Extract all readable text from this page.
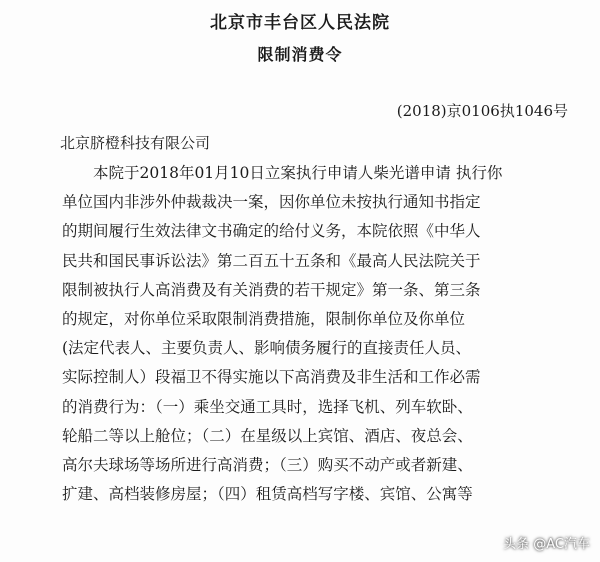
北京市丰台区人民法院
限制消费令
(2018)京0106执1046号
北京脐橙科技有限公司
本院于2018年01月10日立案执行申请人柴光谱申请 执行你
单位国内非涉外仲裁裁决一案，因你单位未按执行通知书指定
的期间履行生效法律文书确定的给付义务，本院依照《中华人
民共和国民事诉讼法》第二百五十五条和《最高人民法院关于
限制被执行人高消费及有关消费的若干规定》第一条、第三条
的规定，对你单位采取限制消费措施，限制你单位及你单位
(法定代表人、主要负责人、影响债务履行的直接责任人员、
实际控制人）段福卫不得实施以下高消费及非生活和工作必需
的消费行为：（一）乘坐交通工具时，选择飞机、列车软卧、
轮船二等以上舱位；（二）在星级以上宾馆、酒店、夜总会、
高尔夫球场等场所进行高消费；（三）购买不动产或者新建、
扩建、高档装修房屋；（四）租赁高档写字楼、宾馆、公寓等
头条 @AC汽车
